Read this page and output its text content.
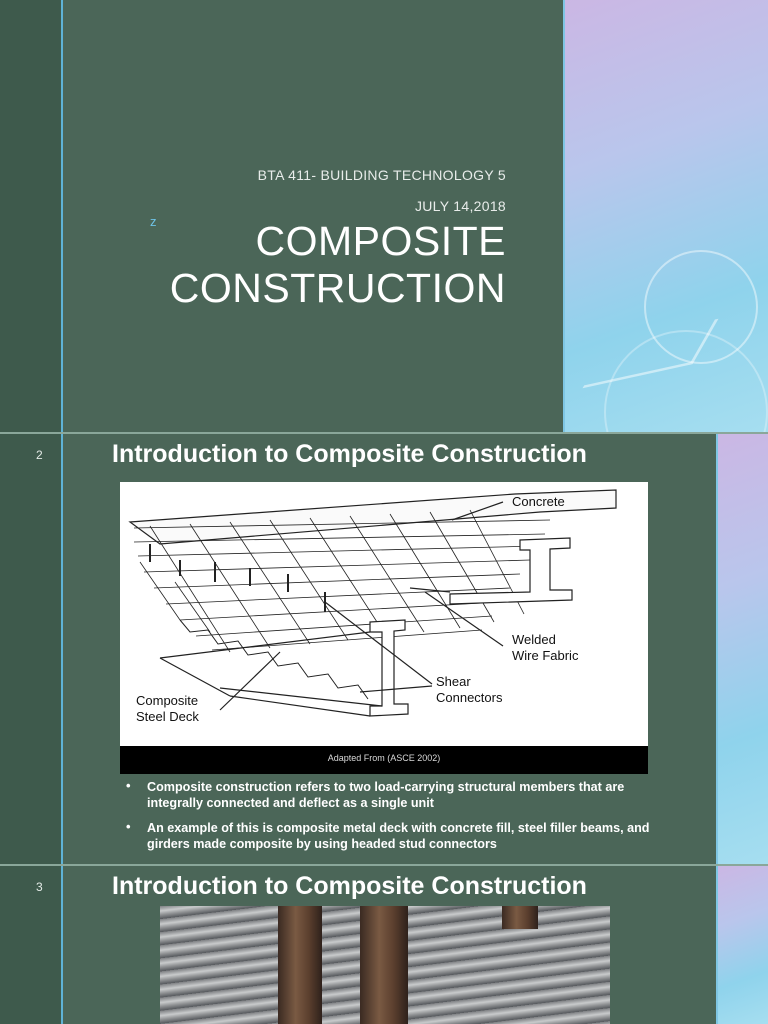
BTA 411- BUILDING TECHNOLOGY 5
JULY 14,2018
z	COMPOSITE
CONSTRUCTION
2	Introduction to Composite Construction
Concrete
Welded
Wire Fabric
Shear
Connectors
Composite
Steel Deck
Adapted From (ASCE 2002)
• Composite construction refers to two load-carrying structural members that are integrally connected and deflect as a single unit
• An example of this is composite metal deck with concrete fill, steel filler beams, and girders made composite by using headed stud connectors
3	Introduction to Composite Construction
